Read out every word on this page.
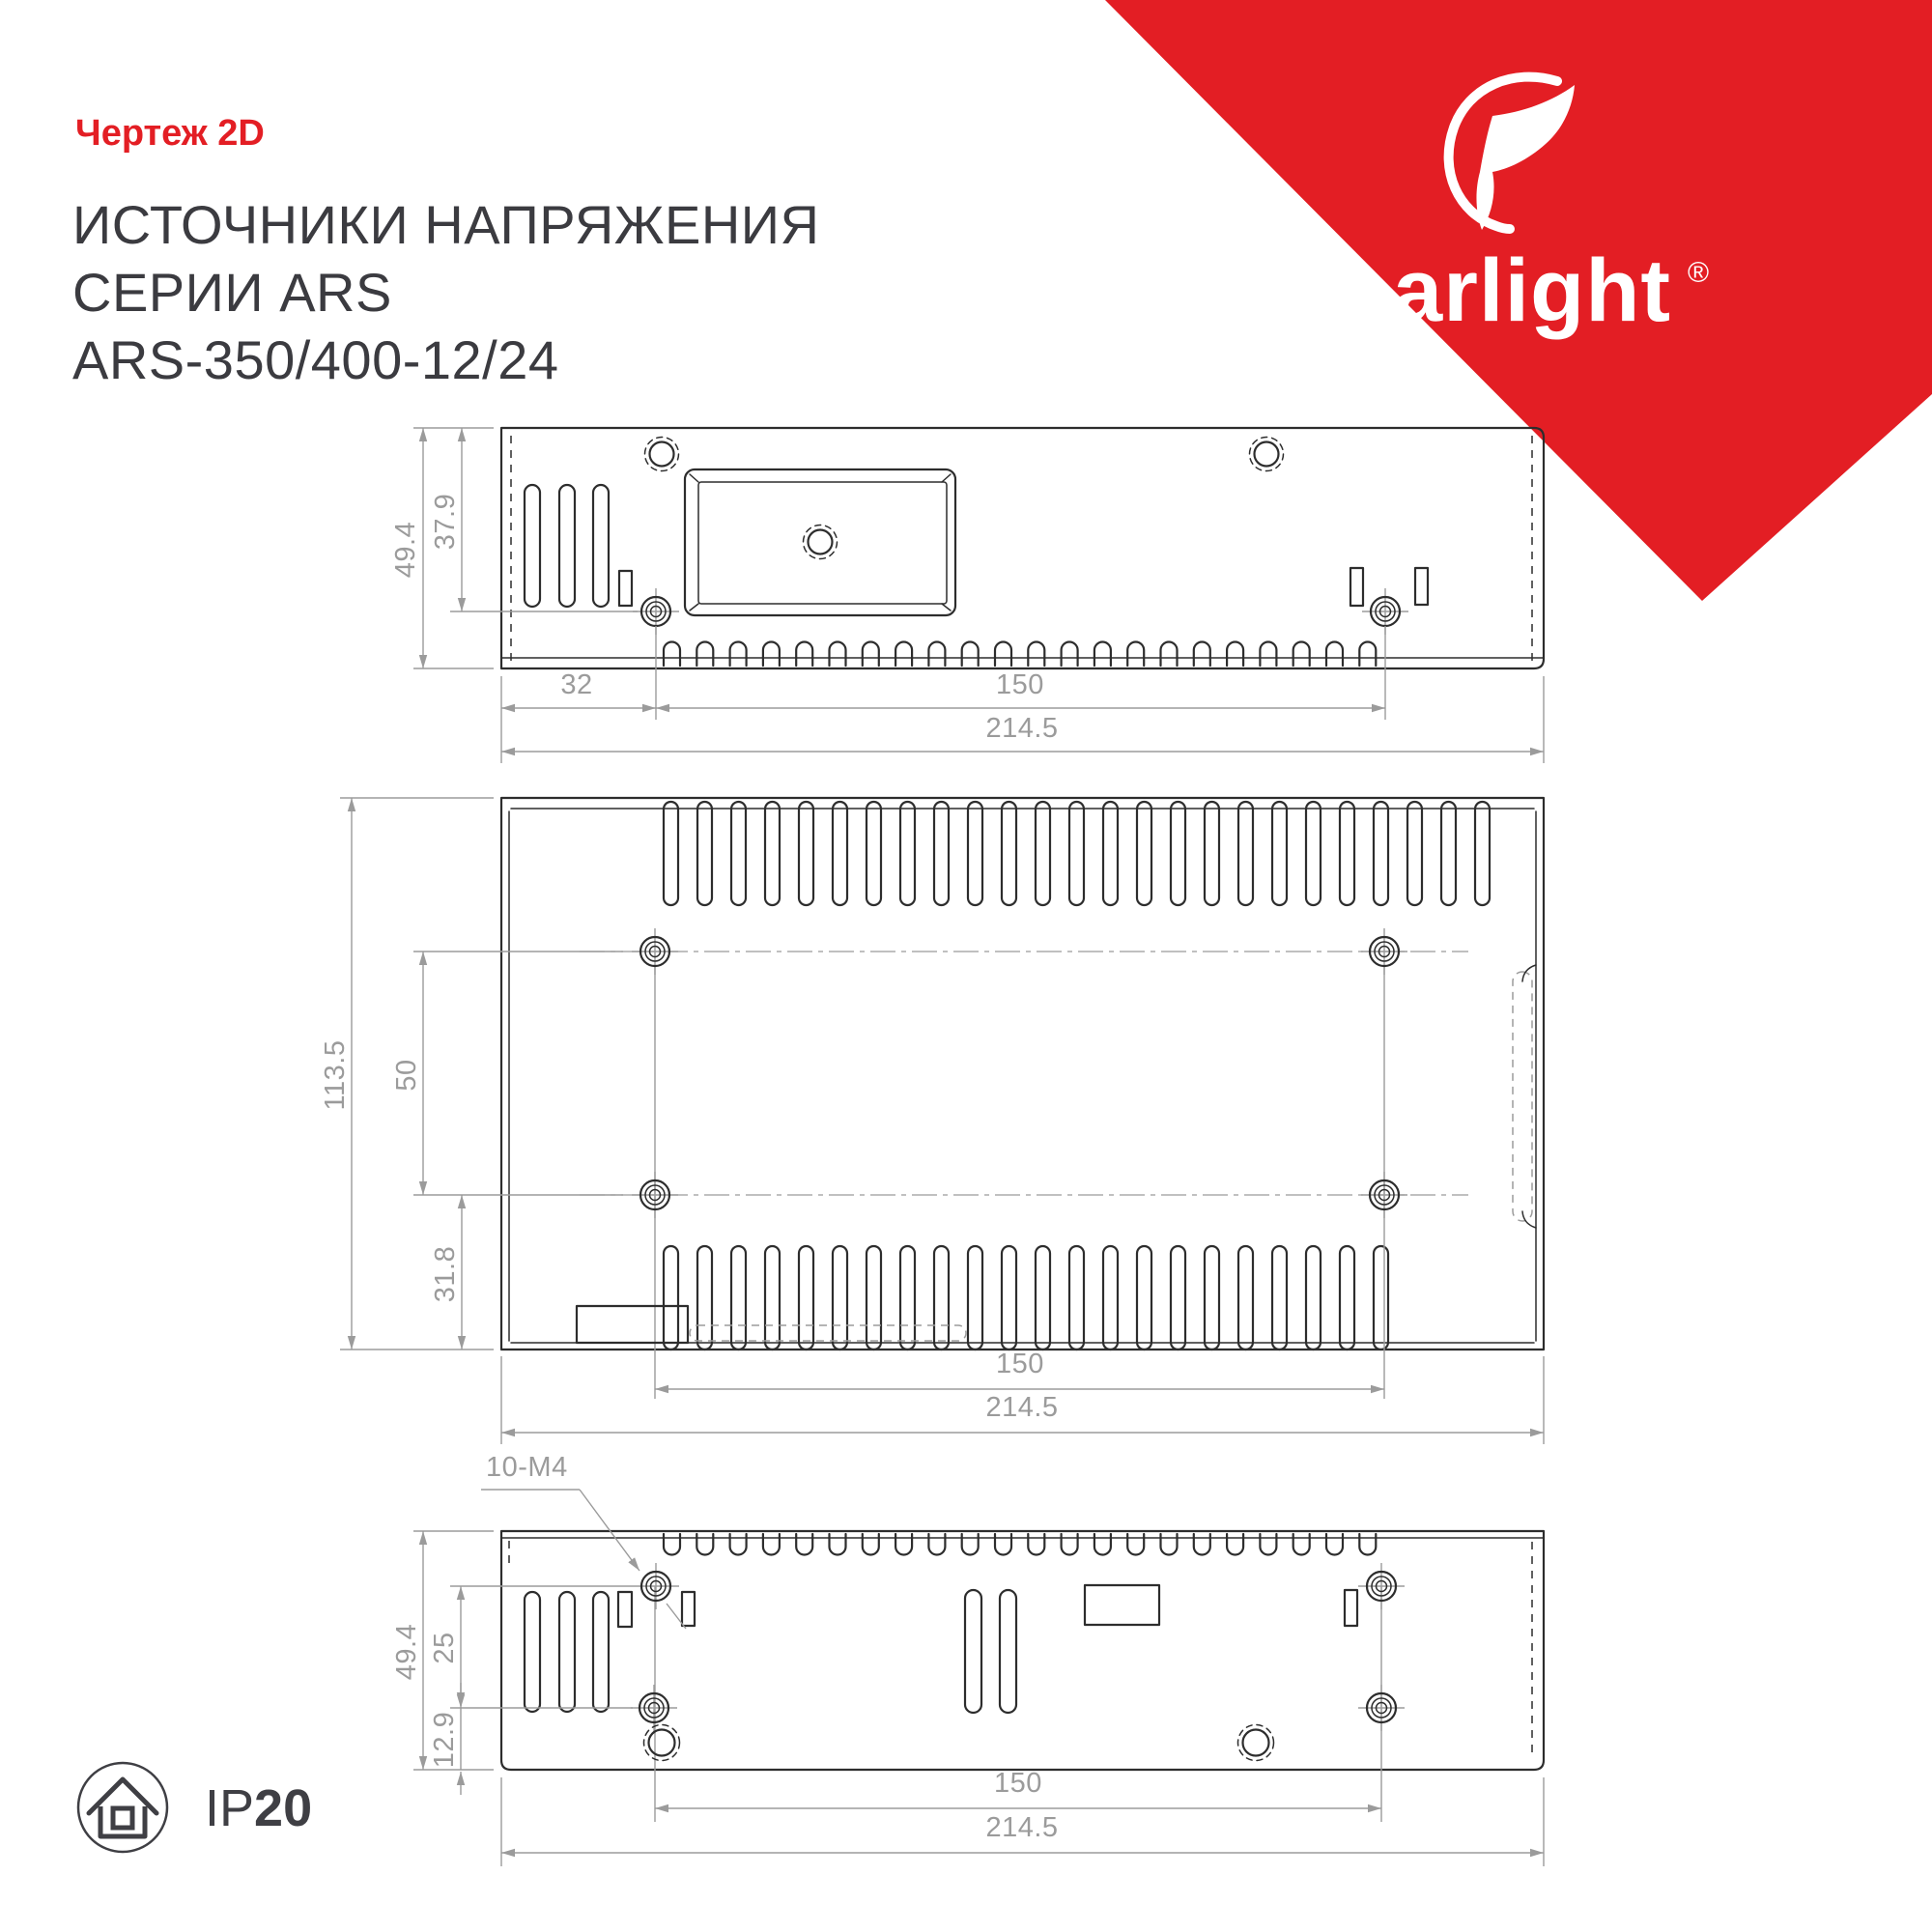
arlight ®
Чертеж 2D
ИСТОЧНИКИ НАПРЯЖЕНИЯ
СЕРИИ ARS
ARS-350/400-12/24
49.4 37.9
32	150
214.5
113.5 50
31.8
150
214.5
10-M4
49.4 25
12.9
150
214.5
IP20
